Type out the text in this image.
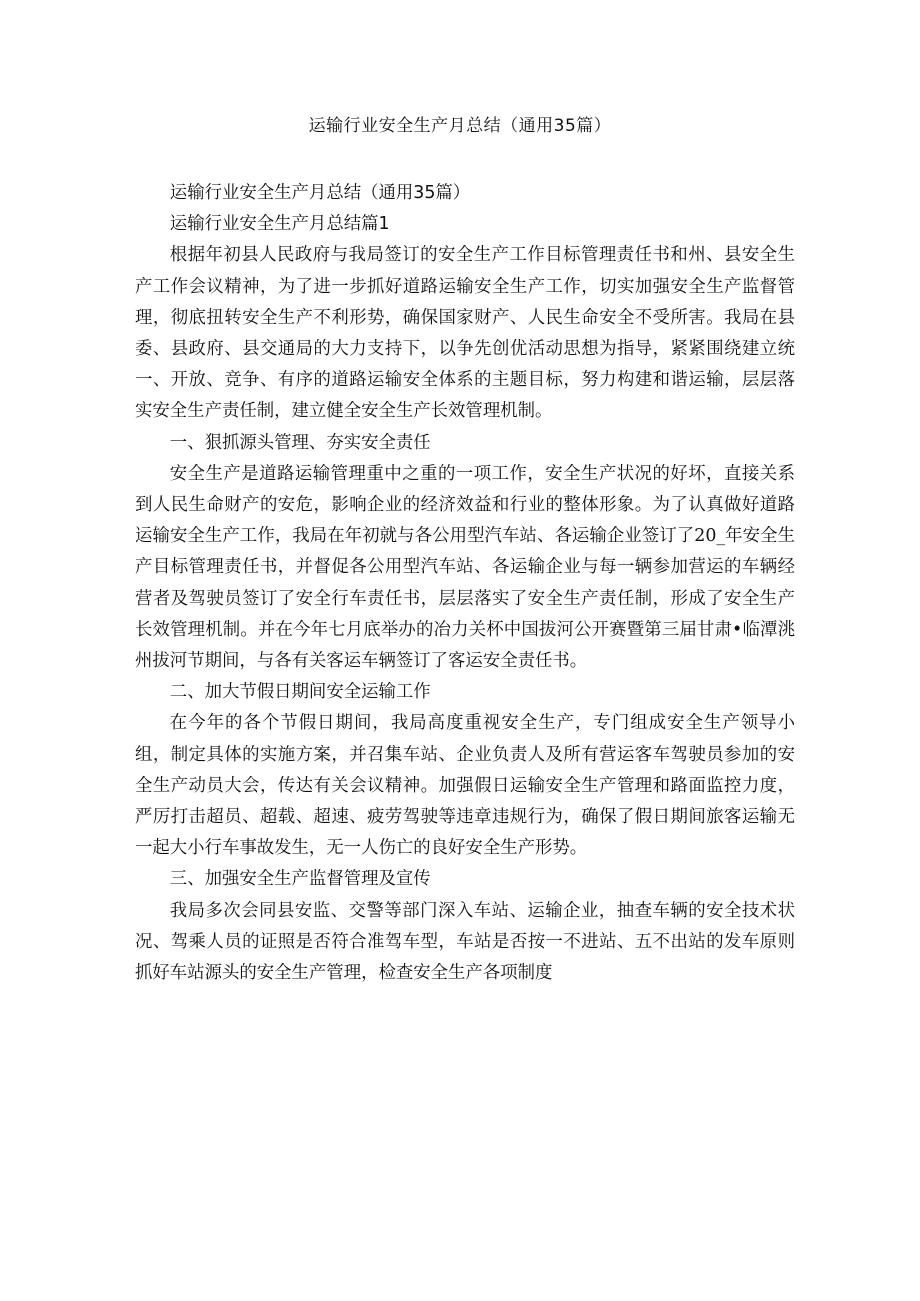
运输行业安全生产月总结（通用35篇）

运输行业安全生产月总结（通用35篇）

运输行业安全生产月总结篇1

根据年初县人民政府与我局签订的安全生产工作目标管理责任书和州、县安全生产工作会议精神，为了进一步抓好道路运输安全生产工作，切实加强安全生产监督管理，彻底扭转安全生产不利形势，确保国家财产、人民生命安全不受所害。我局在县委、县政府、县交通局的大力支持下，以争先创优活动思想为指导，紧紧围绕建立统一、开放、竞争、有序的道路运输安全体系的主题目标，努力构建和谐运输，层层落实安全生产责任制，建立健全安全生产长效管理机制。

一、狠抓源头管理、夯实安全责任

安全生产是道路运输管理重中之重的一项工作，安全生产状况的好坏，直接关系到人民生命财产的安危，影响企业的经济效益和行业的整体形象。为了认真做好道路运输安全生产工作，我局在年初就与各公用型汽车站、各运输企业签订了20_年安全生产目标管理责任书，并督促各公用型汽车站、各运输企业与每一辆参加营运的车辆经营者及驾驶员签订了安全行车责任书，层层落实了安全生产责任制，形成了安全生产长效管理机制。并在今年七月底举办的冶力关杯中国拔河公开赛暨第三届甘肃•临潭洮州拔河节期间，与各有关客运车辆签订了客运安全责任书。

二、加大节假日期间安全运输工作

在今年的各个节假日期间，我局高度重视安全生产，专门组成安全生产领导小组，制定具体的实施方案，并召集车站、企业负责人及所有营运客车驾驶员参加的安全生产动员大会，传达有关会议精神。加强假日运输安全生产管理和路面监控力度，严厉打击超员、超载、超速、疲劳驾驶等违章违规行为，确保了假日期间旅客运输无一起大小行车事故发生，无一人伤亡的良好安全生产形势。

三、加强安全生产监督管理及宣传

我局多次会同县安监、交警等部门深入车站、运输企业，抽查车辆的安全技术状况、驾乘人员的证照是否符合准驾车型，车站是否按一不进站、五不出站的发车原则抓好车站源头的安全生产管理，检查安全生产各项制度
